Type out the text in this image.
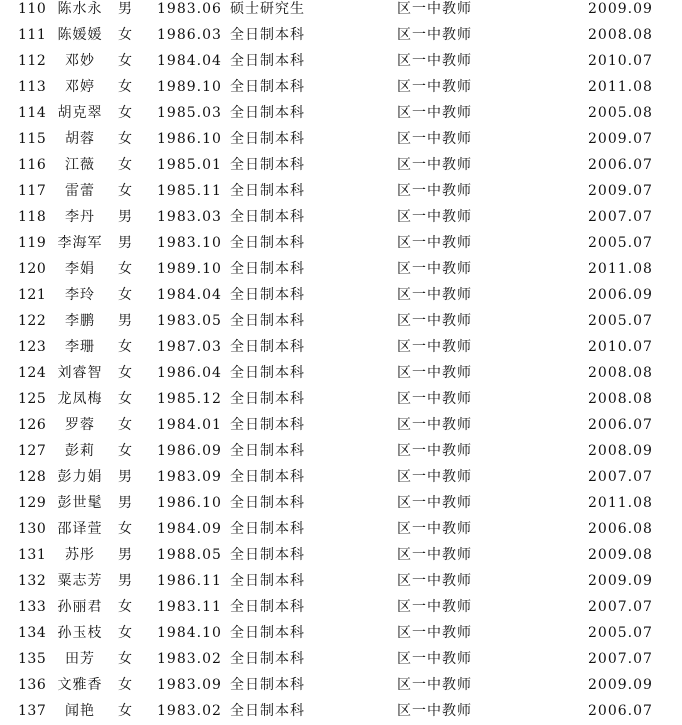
110 陈水永	男 1983.06 硕士研究生	区一中教师	2009.09
111 陈媛媛	女 1986.03 全日制本科	区一中教师	2008.08
112	邓妙	女 1984.04 全日制本科	区一中教师	2010.07
113	邓婷	女 1989.10 全日制本科	区一中教师	2011.08
114 胡克翠	女 1985.03 全日制本科	区一中教师	2005.08
115	胡蓉	女 1986.10 全日制本科	区一中教师	2009.07
116	江薇	女 1985.01 全日制本科	区一中教师	2006.07
117	雷蕾	女 1985.11 全日制本科	区一中教师	2009.07
118	李丹	男 1983.03 全日制本科	区一中教师	2007.07
119 李海军	男 1983.10 全日制本科	区一中教师	2005.07
120	李娟	女 1989.10 全日制本科	区一中教师	2011.08
121	李玲	女 1984.04 全日制本科	区一中教师	2006.09
122	李鹏	男 1983.05 全日制本科	区一中教师	2005.07
123	李珊	女 1987.03 全日制本科	区一中教师	2010.07
124 刘睿智	女 1986.04 全日制本科	区一中教师	2008.08
125 龙凤梅	女 1985.12 全日制本科	区一中教师	2008.08
126	罗蓉	女 1984.01 全日制本科	区一中教师	2006.07
127	彭莉	女 1986.09 全日制本科	区一中教师	2008.09
128 彭力娟	男 1983.09 全日制本科	区一中教师	2007.07
129 彭世髦	男 1986.10 全日制本科	区一中教师	2011.08
130 邵译萱	女 1984.09 全日制本科	区一中教师	2006.08
131	苏彤	男 1988.05 全日制本科	区一中教师	2009.08
132 粟志芳	男 1986.11 全日制本科	区一中教师	2009.09
133 孙丽君	女 1983.11 全日制本科	区一中教师	2007.07
134 孙玉枝	女 1984.10 全日制本科	区一中教师	2005.07
135	田芳	女 1983.02 全日制本科	区一中教师	2007.07
136 文雅香	女 1983.09 全日制本科	区一中教师	2009.09
137	闻艳	女 1983.02 全日制本科	区一中教师	2006.07
